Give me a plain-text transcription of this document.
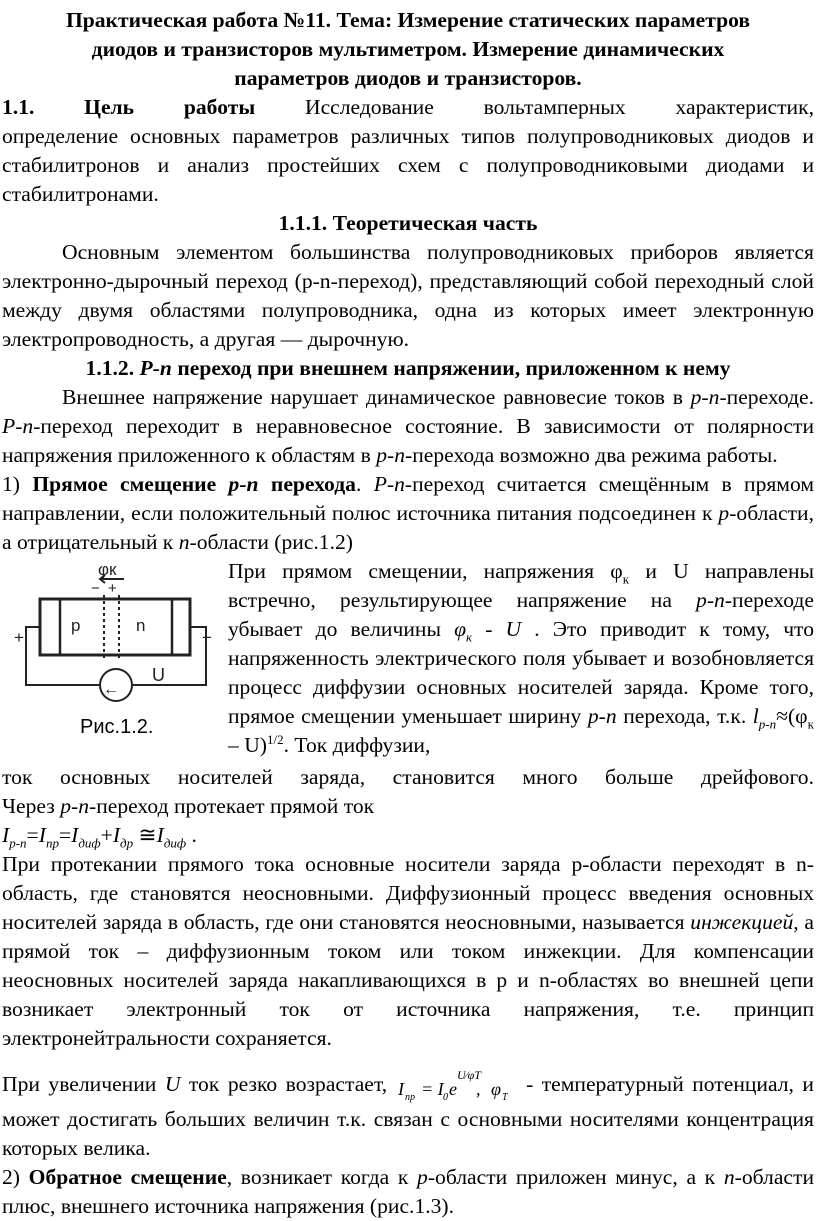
Практическая работа №11. Тема: Измерение статических параметров

диодов и транзисторов мультиметром. Измерение динамических

параметров диодов и транзисторов.

1.1. Цель работы Исследование вольтамперных характеристик,

определение основных параметров различных типов полупроводниковых диодов и стабилитронов и анализ простейших схем с полупроводниковыми диодами и стабилитронами.

1.1.1. Теоретическая часть

Основным элементом большинства полупроводниковых приборов является электронно-дырочный переход (p-n-переход), представляющий собой переходный слой между двумя областями полупроводника, одна из которых имеет электронную электропроводность, а другая — дырочную.

1.1.2. P-n переход при внешнем напряжении, приложенном к нему

Внешнее напряжение нарушает динамическое равновесие токов в p-n-переходе. P-n-переход переходит в неравновесное состояние. В зависимости от полярности напряжения приложенного к областям в p-n-перехода возможно два режима работы.

1) Прямое смещение p-n перехода. P-n-переход считается смещённым в прямом направлении, если положительный полюс источника питания подсоединен к p-области, а отрицательный к n-области (рис.1.2)

φк
− +
p	n
+	−
U
←
Рис.1.2.

При прямом смещении, напряжения $\varphi_к$ и U направлены встречно, результирующее напряжение на p-n-переходе убывает до величины $\varphi_к$ - U . Это приводит к тому, что напряженность электрического поля убывает и возобновляется процесс диффузии основных носителей заряда. Кроме того, прямое смещении уменьшает ширину p-n перехода, т.к. $l_{p-n}\approx(\varphi_к - U)^{1/2}$. Ток диффузии,

ток основных носителей заряда, становится много больше дрейфового.

Через p-n-переход протекает прямой ток

$I_{p-n}=I_{пр}=I_{диф}+I_{др}$ $≅I_{диф}$ .

При протекании прямого тока основные носители заряда p-области переходят в n-область, где становятся неосновными. Диффузионный процесс введения основных носителей заряда в область, где они становятся неосновными, называется инжекцией, а прямой ток – диффузионным током или током инжекции. Для компенсации неосновных носителей заряда накапливающихся в p и n-областях во внешней цепи возникает электронный ток от источника напряжения, т.е. принцип электронейтральности сохраняется.

При увеличении U ток резко возрастает, I пр = I 0 e
U⁄φT
, φ T
- температурный потенциал, и может достигать больших величин т.к. связан с основными носителями концентрация которых велика.

2) Обратное смещение, возникает когда к p-области приложен минус, а к n-области плюс, внешнего источника напряжения (рис.1.3).
